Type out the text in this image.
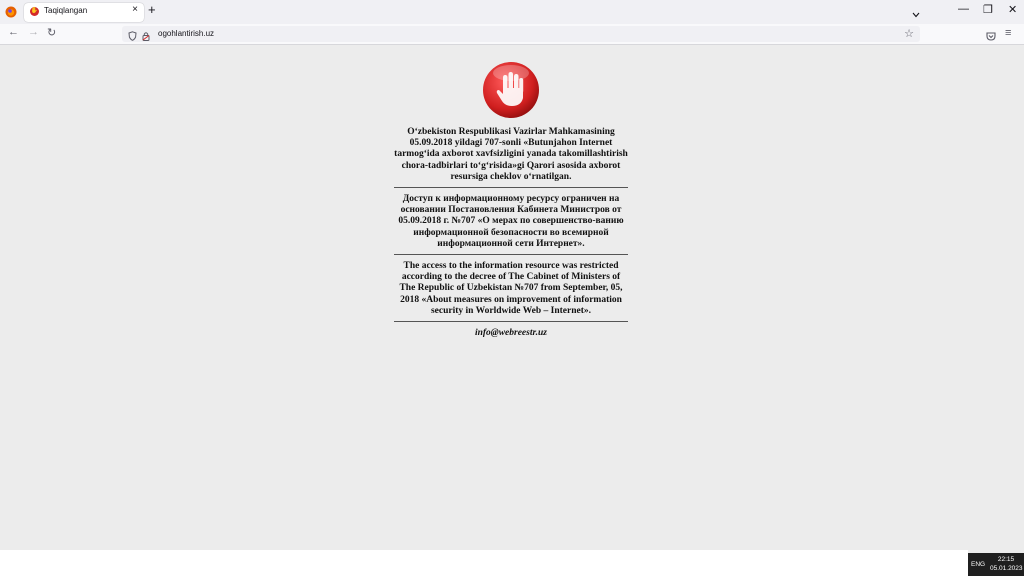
✋ Taqiqlangan	× +	— ❐ ✕
← → ↻	ogohlantirish.uz	☆	≡
O‘zbekiston Respublikasi Vazirlar Mahkamasining 05.09.2018 yildagi 707-sonli «Butunjahon Internet tarmog‘ida axborot xavfsizligini yanada takomillashtirish chora-tadbirlari to‘g‘risida»gi Qarori asosida axborot resursiga cheklov o‘rnatilgan.
Доступ к информационному ресурсу ограничен на основании Постановления Кабинета Министров от 05.09.2018 г. №707 «О мерах по совершенство-ванию информационной безопасности во всемирной информационной сети Интернет».
The access to the information resource was restricted according to the decree of The Cabinet of Ministers of The Republic of Uzbekistan №707 from September, 05, 2018 «About measures on improvement of information security in Worldwide Web – Internet».
info@webreestr.uz
ENG
22:15
05.01.2023
